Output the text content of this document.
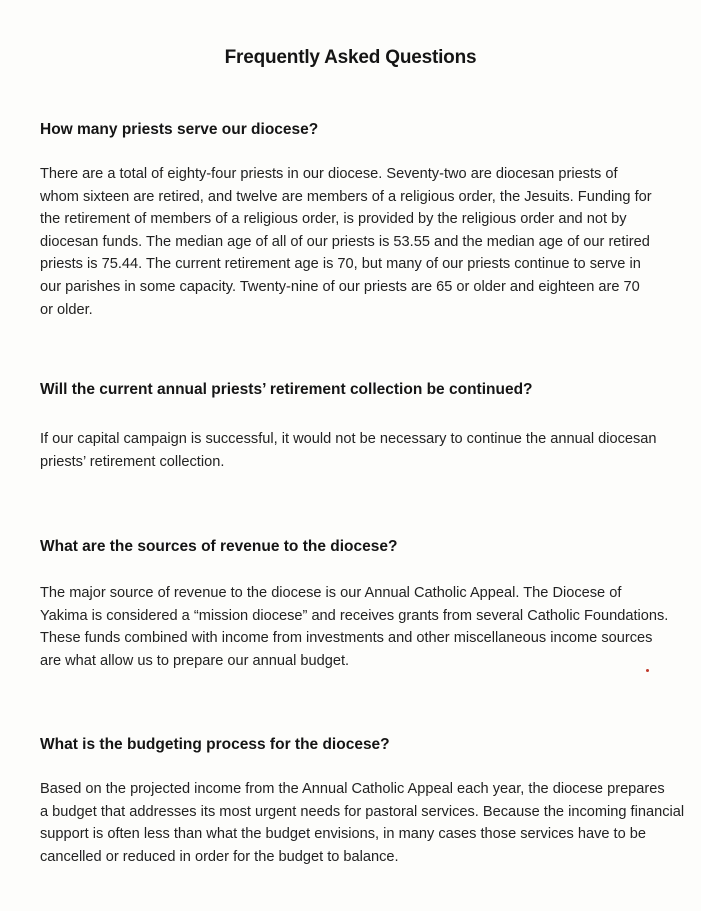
Frequently Asked Questions
How many priests serve our diocese?
There are a total of eighty-four priests in our diocese. Seventy-two are diocesan priests of
whom sixteen are retired, and twelve are members of a religious order, the Jesuits. Funding for
the retirement of members of a religious order, is provided by the religious order and not by
diocesan funds. The median age of all of our priests is 53.55 and the median age of our retired
priests is 75.44. The current retirement age is 70, but many of our priests continue to serve in
our parishes in some capacity. Twenty-nine of our priests are 65 or older and eighteen are 70
or older.
Will the current annual priests’ retirement collection be continued?
If our capital campaign is successful, it would not be necessary to continue the annual diocesan
priests’ retirement collection.
What are the sources of revenue to the diocese?
The major source of revenue to the diocese is our Annual Catholic Appeal. The Diocese of
Yakima is considered a “mission diocese” and receives grants from several Catholic Foundations.
These funds combined with income from investments and other miscellaneous income sources
are what allow us to prepare our annual budget.
What is the budgeting process for the diocese?
Based on the projected income from the Annual Catholic Appeal each year, the diocese prepares
a budget that addresses its most urgent needs for pastoral services. Because the incoming financial
support is often less than what the budget envisions, in many cases those services have to be
cancelled or reduced in order for the budget to balance.
